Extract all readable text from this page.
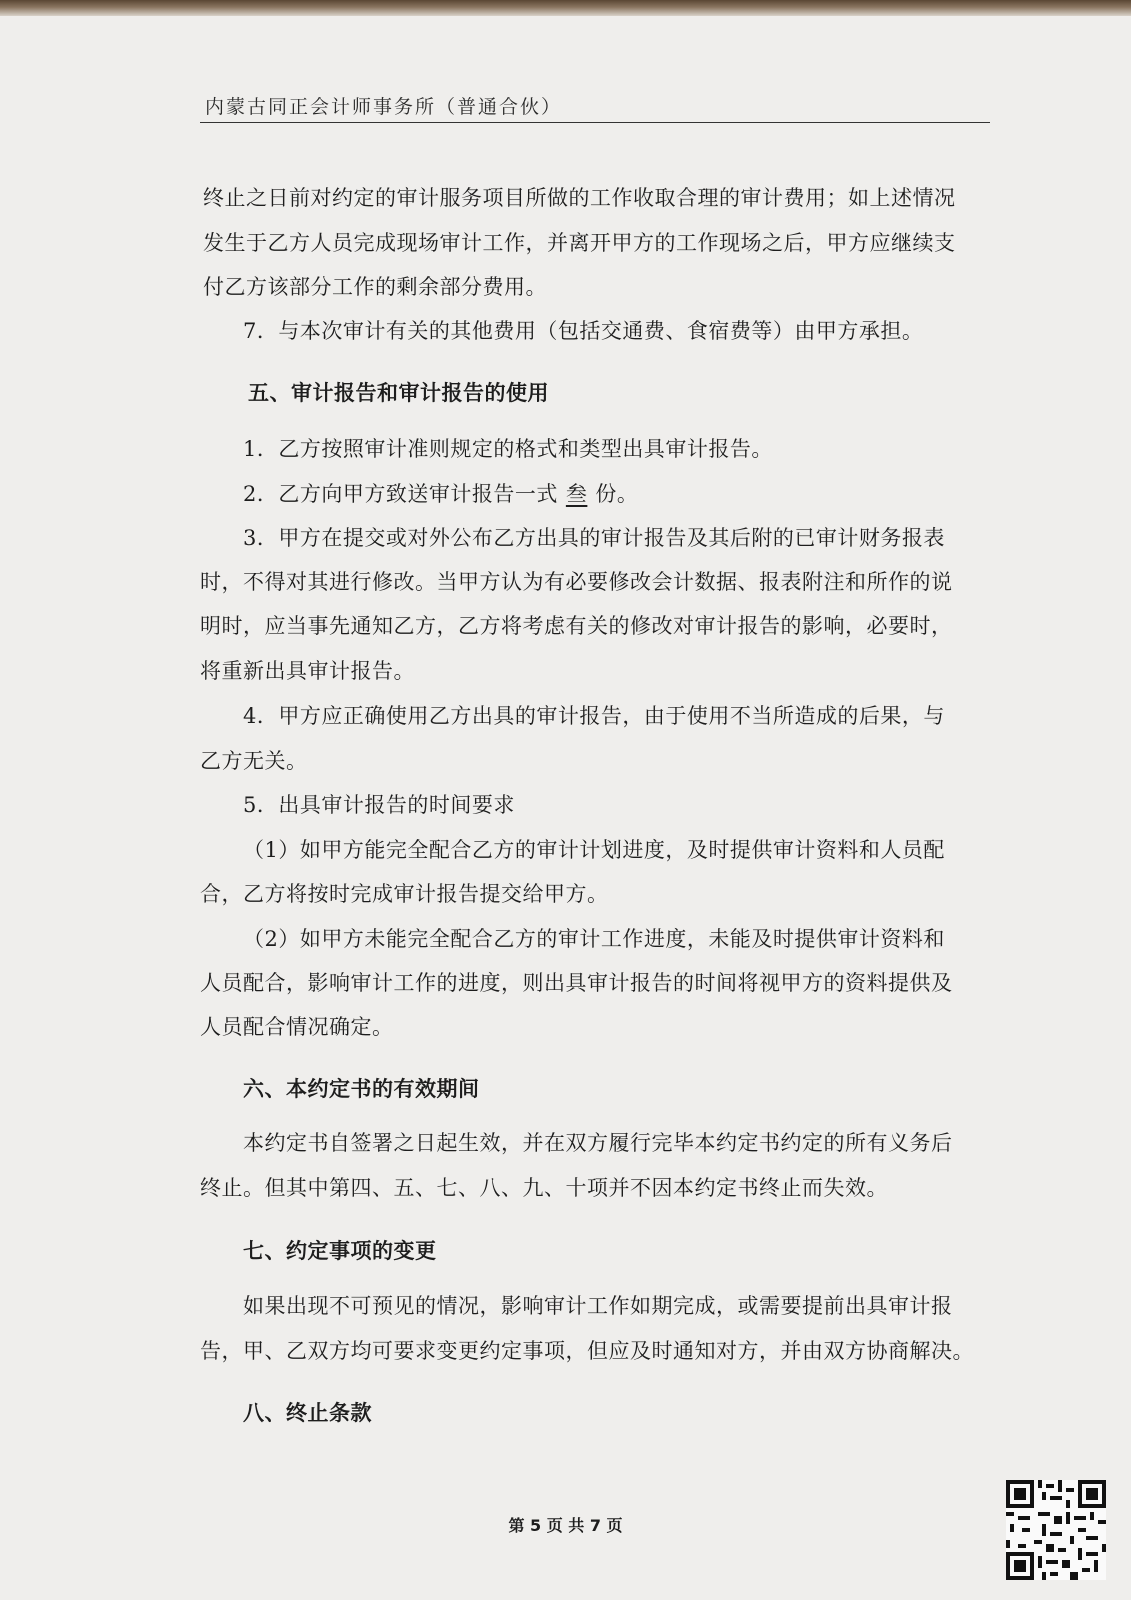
内蒙古同正会计师事务所（普通合伙）
终止之日前对约定的审计服务项目所做的工作收取合理的审计费用；如上述情况
发生于乙方人员完成现场审计工作，并离开甲方的工作现场之后，甲方应继续支
付乙方该部分工作的剩余部分费用。
7．与本次审计有关的其他费用（包括交通费、食宿费等）由甲方承担。
五、审计报告和审计报告的使用
1．乙方按照审计准则规定的格式和类型出具审计报告。
2．乙方向甲方致送审计报告一式 叁 份。
3．甲方在提交或对外公布乙方出具的审计报告及其后附的已审计财务报表
时，不得对其进行修改。当甲方认为有必要修改会计数据、报表附注和所作的说
明时，应当事先通知乙方，乙方将考虑有关的修改对审计报告的影响，必要时，
将重新出具审计报告。
4．甲方应正确使用乙方出具的审计报告，由于使用不当所造成的后果，与
乙方无关。
5．出具审计报告的时间要求
（1）如甲方能完全配合乙方的审计计划进度，及时提供审计资料和人员配
合，乙方将按时完成审计报告提交给甲方。
（2）如甲方未能完全配合乙方的审计工作进度，未能及时提供审计资料和
人员配合，影响审计工作的进度，则出具审计报告的时间将视甲方的资料提供及
人员配合情况确定。
六、本约定书的有效期间
本约定书自签署之日起生效，并在双方履行完毕本约定书约定的所有义务后
终止。但其中第四、五、七、八、九、十项并不因本约定书终止而失效。
七、约定事项的变更
如果出现不可预见的情况，影响审计工作如期完成，或需要提前出具审计报
告，甲、乙双方均可要求变更约定事项，但应及时通知对方，并由双方协商解决。
八、终止条款
第 5 页 共 7 页
